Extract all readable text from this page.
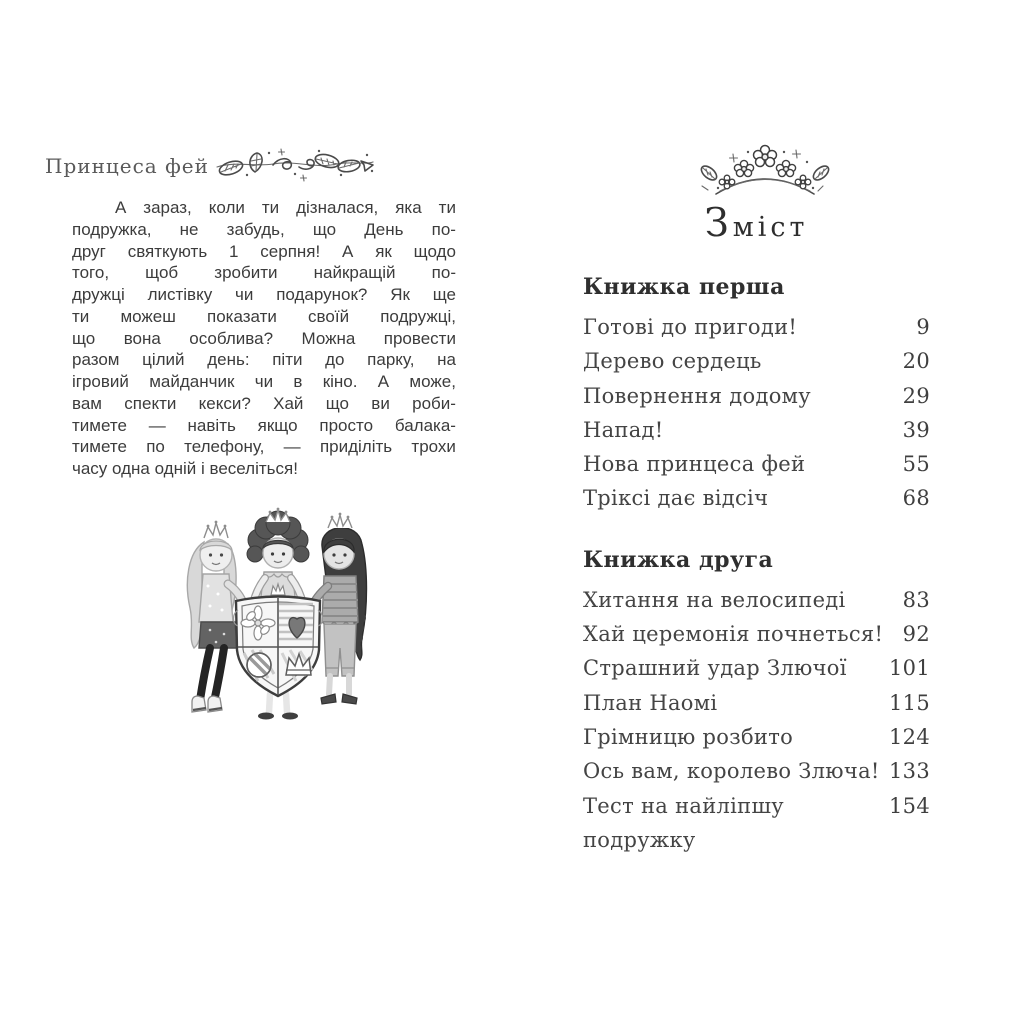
Принцеса фей
А зараз, коли ти дізналася, яка ти
подружка, не забудь, що День по-
друг святкують 1 серпня! А як щодо
того, щоб зробити найкращій по-
дружці листівку чи подарунок? Як ще
ти можеш показати своїй подружці,
що вона особлива? Можна провести
разом цілий день: піти до парку, на
ігровий майданчик чи в кіно. А може,
вам спекти кекси? Хай що ви роби-
тимете — навіть якщо просто балака-
тимете по телефону, — приділіть трохи
часу одна одній і веселіться!
Зміст
Книжка перша
Готові до пригоди!	9
Дерево сердець	20
Повернення додому	29
Напад!	39
Нова принцеса фей	55
Тріксі дає відсіч	68
Книжка друга
Хитання на велосипеді	83
Хай церемонія почнеться! 92
Страшний удар Злючої 101
План Наомі	115
Грімницю розбито	124
Ось вам, королево Злюча! 133
Тест на найліпшу подружку
154
